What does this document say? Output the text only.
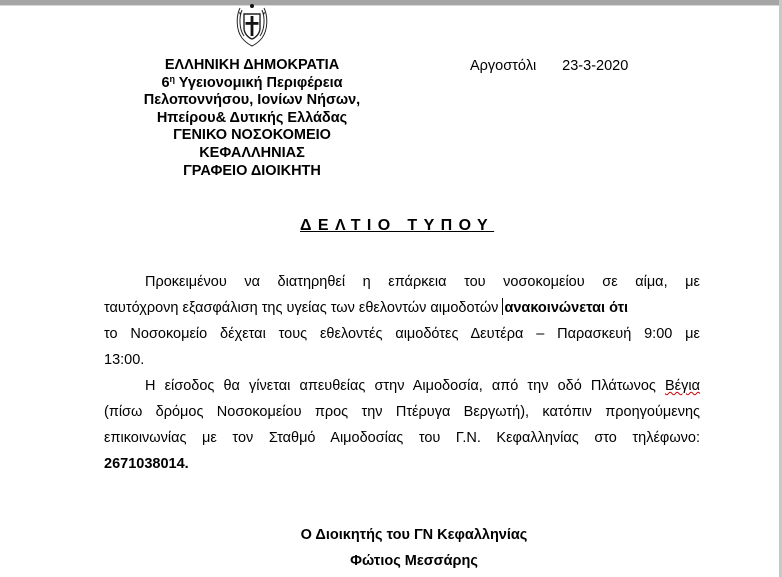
ΕΛΛΗΝΙΚΗ ΔΗΜΟΚΡΑΤΙΑ
$6^\eta$ Υγειονομική Περιφέρεια
Πελοποννήσου, Ιονίων Νήσων,
Ηπείρου& Δυτικής Ελλάδας
ΓΕΝΙΚΟ ΝΟΣΟΚΟΜΕΙΟ
ΚΕΦΑΛΛΗΝΙΑΣ
ΓΡΑΦΕΙΟ ΔΙΟΙΚΗΤΗ
Αργοστόλι 23-3-2020
ΔΕΛΤΙΟ ΤΥΠΟΥ
Προκειμένου να διατηρηθεί η επάρκεια του νοσοκομείου σε αίμα, με
ταυτόχρονη εξασφάλιση της υγείας των εθελοντών αιμοδοτών ανακοινώνεται ότι
το Νοσοκομείο δέχεται τους εθελοντές αιμοδότες Δευτέρα – Παρασκευή 9:00 με
13:00.
Η είσοδος θα γίνεται απευθείας στην Αιμοδοσία, από την οδό Πλάτωνος Βέγια
(πίσω δρόμος Νοσοκομείου προς την Πτέρυγα Βεργωτή), κατόπιν προηγούμενης
επικοινωνίας με τον Σταθμό Αιμοδοσίας του Γ.Ν. Κεφαλληνίας στο τηλέφωνο:
2671038014.
Ο Διοικητής του ΓΝ Κεφαλληνίας
Φώτιος Μεσσάρης
